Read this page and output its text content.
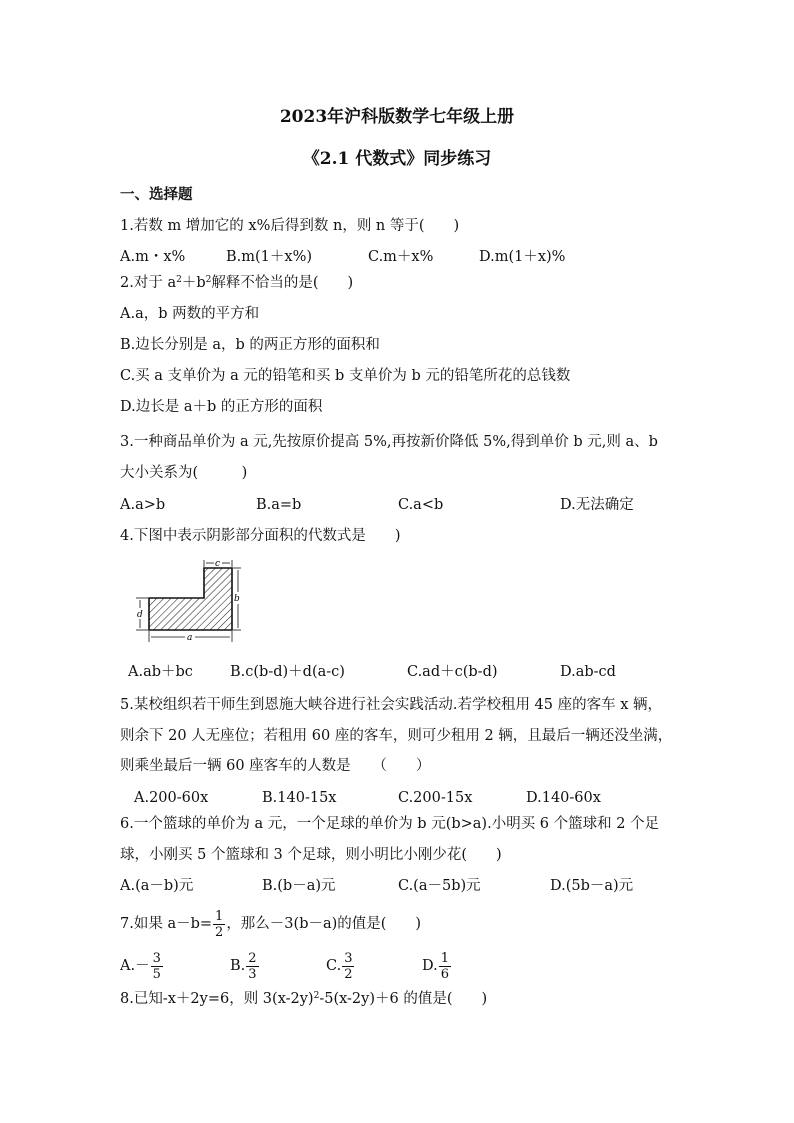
2023年沪科版数学七年级上册
《2.1 代数式》同步练习
一、选择题
1.若数 m 增加它的 x%后得到数 n，则 n 等于(　　)
A.m・x%	B.m(1＋x%)	C.m＋x%	D.m(1＋x)%
2.对于 $a^2+b^2$解释不恰当的是(　　)
A.a，b 两数的平方和
B.边长分别是 a，b 的两正方形的面积和
C.买 a 支单价为 a 元的铅笔和买 b 支单价为 b 元的铅笔所花的总钱数
D.边长是 a＋b 的正方形的面积
3.一种商品单价为 a 元,先按原价提高 5%,再按新价降低 5%,得到单价 b 元,则 a、b
大小关系为(　　　)
A.a>b	B.a=b	C.a<b	D.无法确定
4.下图中表示阴影部分面积的代数式是　　)
c
b
d
a
A.ab＋bc	B.c(b-d)＋d(a-c)	C.ad＋c(b-d)	D.ab-cd
5.某校组织若干师生到恩施大峡谷进行社会实践活动.若学校租用 45 座的客车 x 辆，
则余下 20 人无座位；若租用 60 座的客车，则可少租用 2 辆，且最后一辆还没坐满，
则乘坐最后一辆 60 座客车的人数是　　（　　）
A.200-60x	B.140-15x	C.200-15x	D.140-60x
6.一个篮球的单价为 a 元，一个足球的单价为 b 元(b>a).小明买 6 个篮球和 2 个足
球，小刚买 5 个篮球和 3 个足球，则小明比小刚少花(　　)
A.(a－b)元	B.(b－a)元	C.(a－5b)元	D.(5b－a)元
7.如果 $a-b= \frac{1}{2}$ ，那么－3(b－a)的值是(　　)
$A.- \frac{3}{5}$	B. $\frac{2}{3}$	C. $\frac{3}{2}$	D. $\frac{1}{6}$
8.已知-x＋2y=6，则 $3(x-2y)^2-5(x-2y)+6$ 的值是(　　)
